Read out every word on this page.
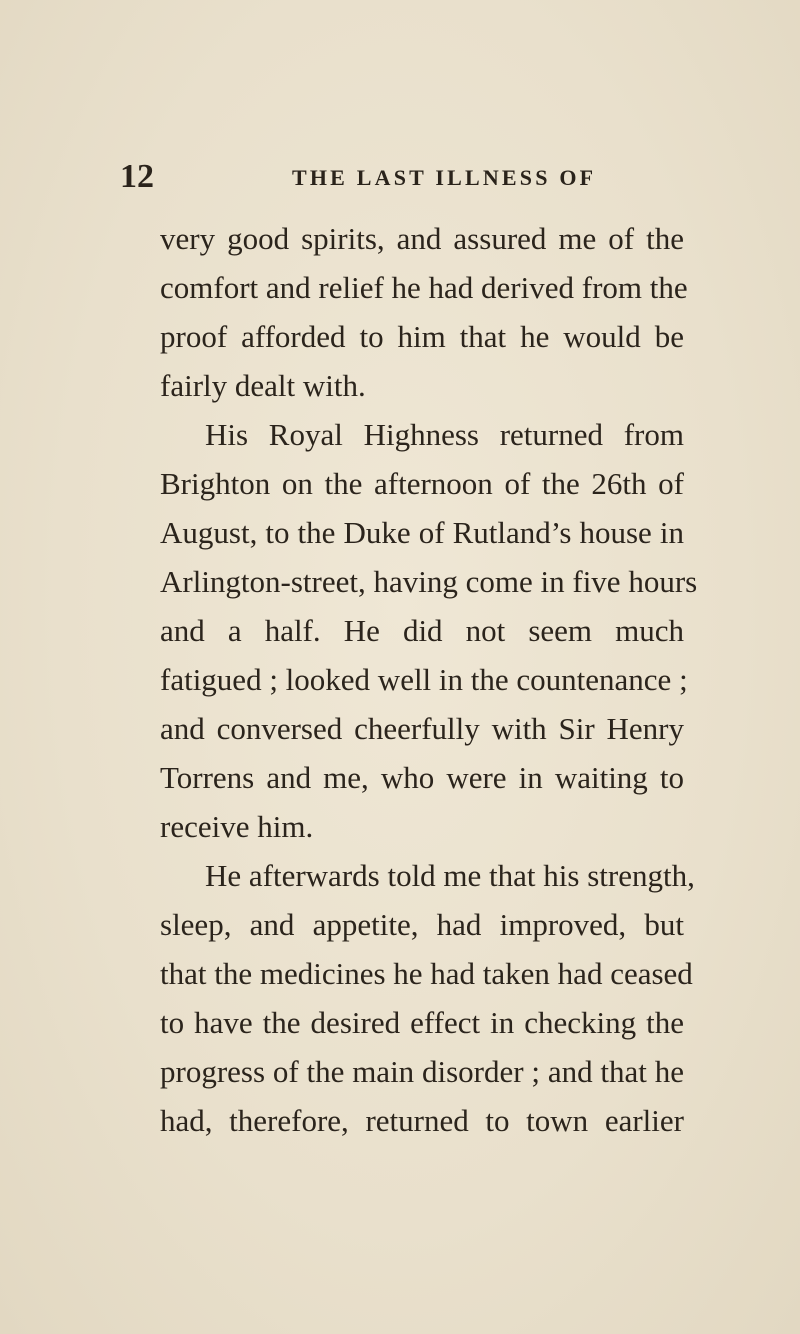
12	THE LAST ILLNESS OF
very good spirits, and assured me of the
comfort and relief he had derived from the
proof afforded to him that he would be
fairly dealt with.
His Royal Highness returned from
Brighton on the afternoon of the 26th of
August, to the Duke of Rutland’s house in
Arlington-street, having come in five hours
and a half. He did not seem much
fatigued ; looked well in the countenance ;
and conversed cheerfully with Sir Henry
Torrens and me, who were in waiting to
receive him.
He afterwards told me that his strength,
sleep, and appetite, had improved, but
that the medicines he had taken had ceased
to have the desired effect in checking the
progress of the main disorder ; and that he
had, therefore, returned to town earlier
